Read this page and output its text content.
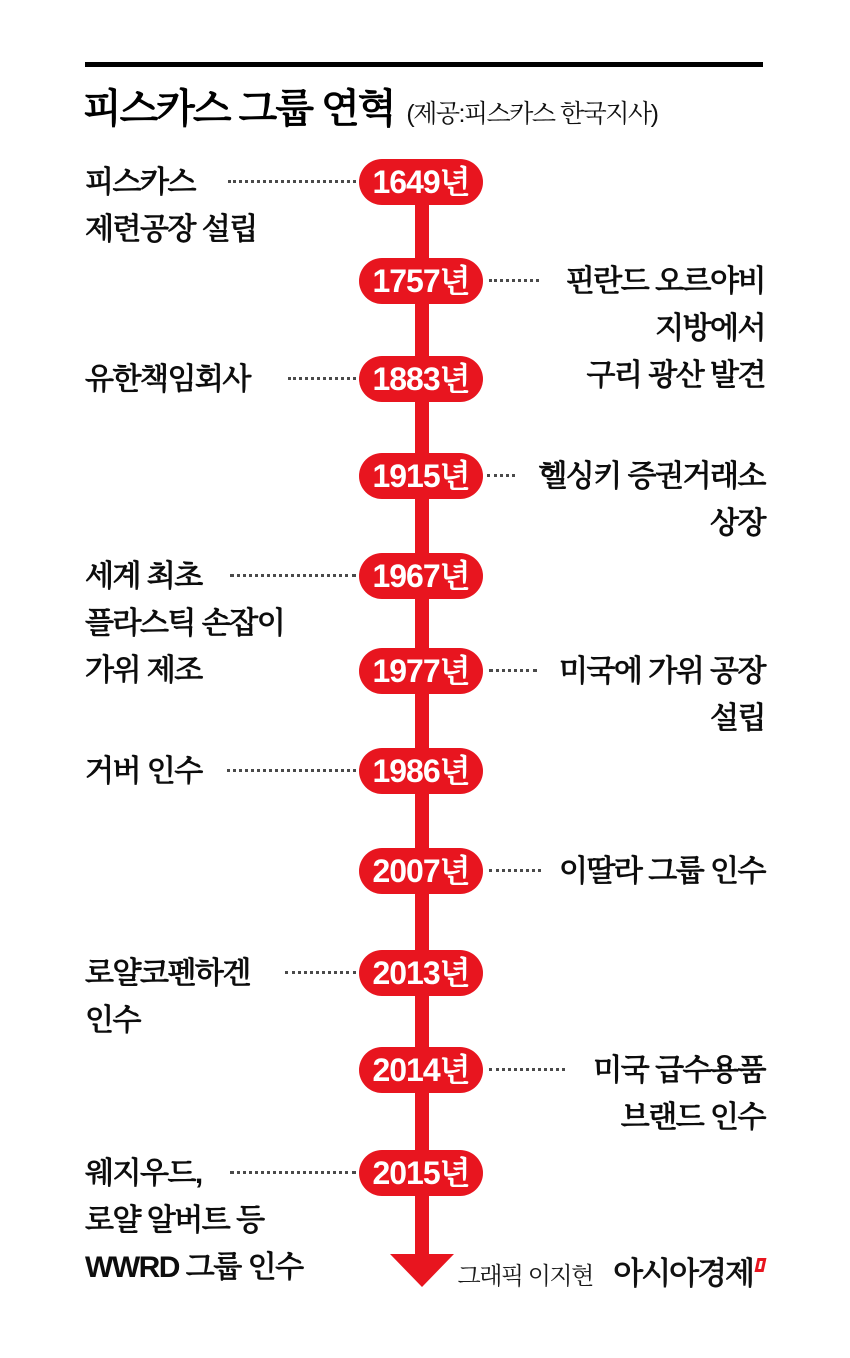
피스카스 그룹 연혁 (제공:피스카스 한국지사)
피스카스
제련공장 설립
1649년
핀란드 오르야비
지방에서
구리 광산 발견
1757년
유한책임회사	1883년
헬싱키 증권거래소
상장
1915년
세계 최초
플라스틱 손잡이
가위 제조
1967년
미국에 가위 공장
설립
1977년
거버 인수	1986년
이딸라 그룹 인수
2007년
로얄코펜하겐
인수
2013년
미국 급수용품
브랜드 인수
2014년
웨지우드,
로얄 알버트 등
WWRD 그룹 인수
2015년
그래픽 이지현 아시아경제
